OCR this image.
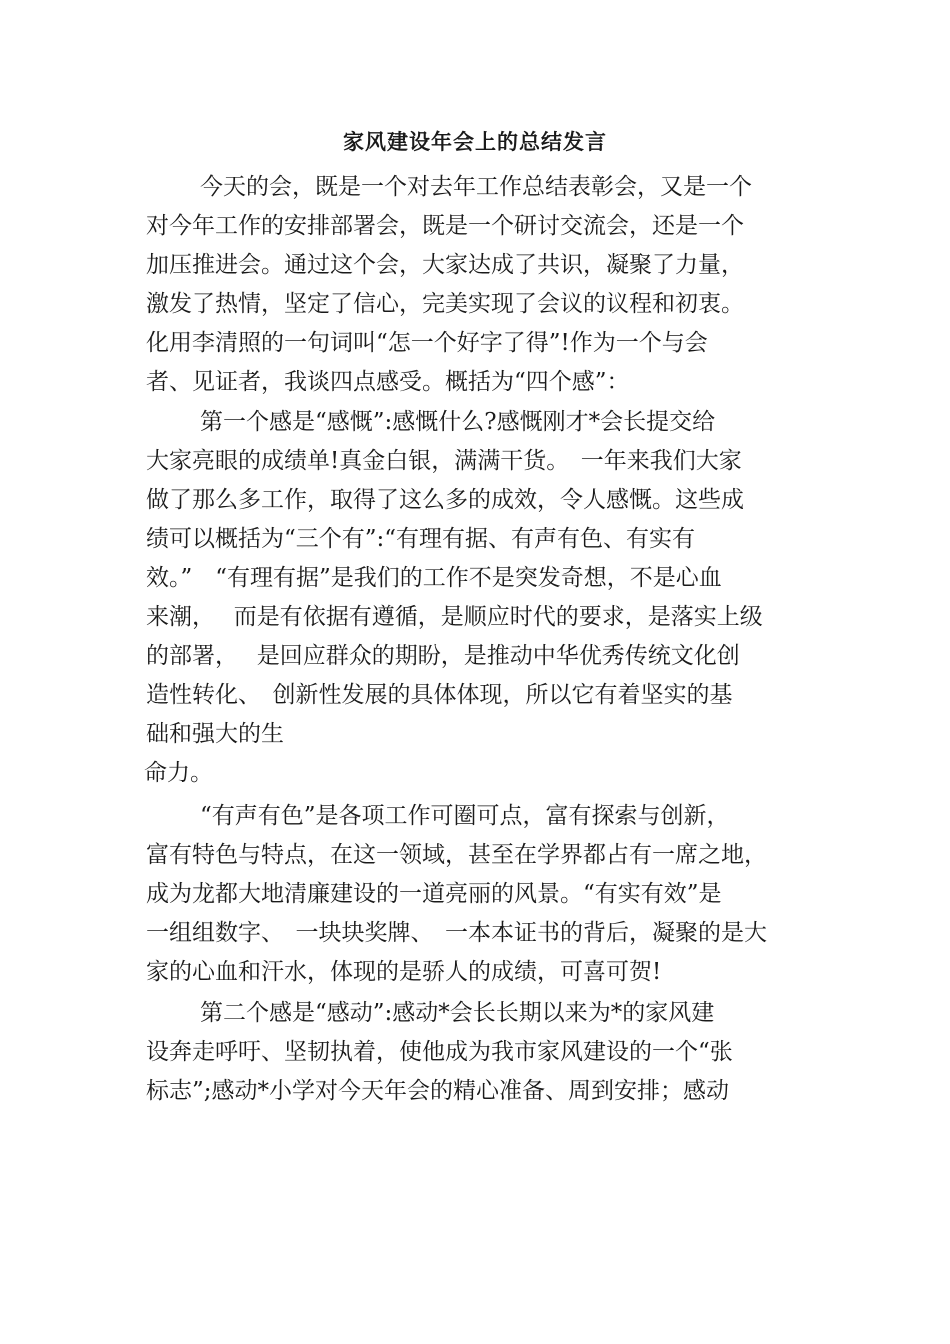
家风建设年会上的总结发言
今天的会，既是一个对去年工作总结表彰会，又是一个
对今年工作的安排部署会，既是一个研讨交流会，还是一个
加压推进会。通过这个会，大家达成了共识，凝聚了力量，
激发了热情，坚定了信心，完美实现了会议的议程和初衷。
化用李清照的一句词叫“怎一个好字了得”!作为一个与会
者、见证者，我谈四点感受。概括为“四个感”：
第一个感是“感慨”:感慨什么?感慨刚才*会长提交给
大家亮眼的成绩单!真金白银，满满干货。　一年来我们大家
做了那么多工作，取得了这么多的成效，令人感慨。这些成
绩可以概括为“三个有”:“有理有据、有声有色、有实有
效。”　“有理有据”是我们的工作不是突发奇想，不是心血
来潮，　 而是有依据有遵循，是顺应时代的要求，是落实上级
的部署，　 是回应群众的期盼，是推动中华优秀传统文化创
造性转化、　创新性发展的具体体现，所以它有着坚实的基
础和强大的生
命力。
“有声有色”是各项工作可圈可点，富有探索与创新，
富有特色与特点，在这一领域，甚至在学界都占有一席之地，
成为龙都大地清廉建设的一道亮丽的风景。“有实有效”是
一组组数字、　一块块奖牌、　一本本证书的背后，凝聚的是大
家的心血和汗水，体现的是骄人的成绩，可喜可贺!
第二个感是“感动”:感动*会长长期以来为*的家风建
设奔走呼吁、坚韧执着，使他成为我市家风建设的一个“张
标志”;感动*小学对今天年会的精心准备、周到安排；感动
